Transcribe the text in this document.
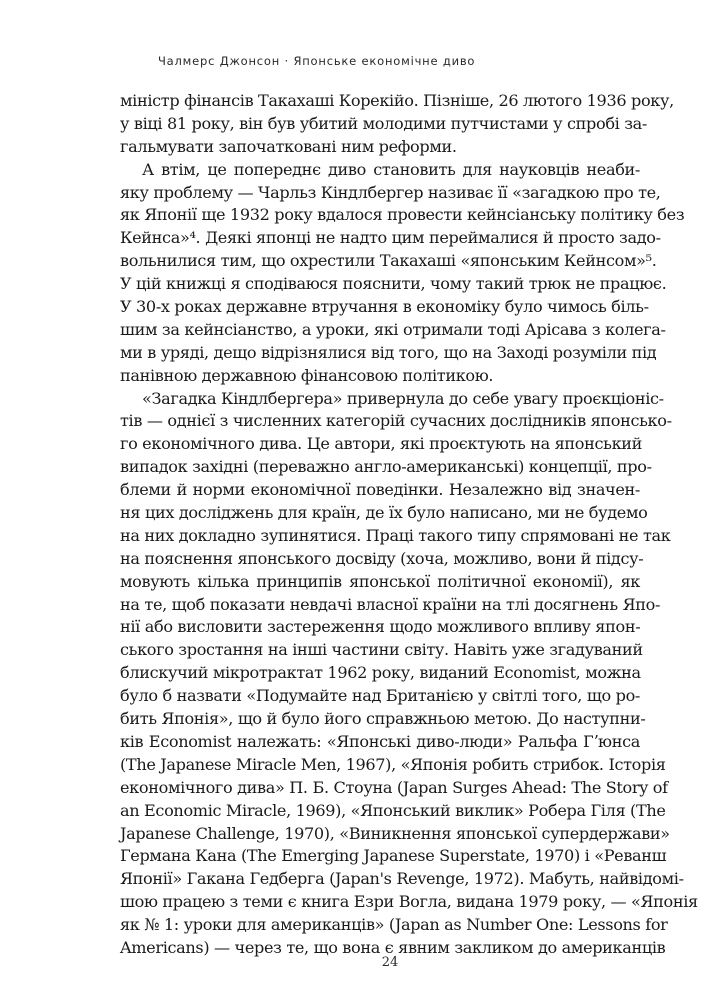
Чалмерс Джонсон · Японське економічне диво
міністр фінансів Такахаші Корекійо. Пізніше, 26 лютого 1936 року,
у віці 81 року, він був убитий молодими путчистами у спробі за-
гальмувати започатковані ним реформи.
А втім, це попереднє диво становить для науковців неаби-
яку проблему — Чарльз Кіндлбергер називає її «загадкою про те,
як Японії ще 1932 року вдалося провести кейнсіанську політику без
Кейнса»⁴. Деякі японці не надто цим переймалися й просто задо-
вольнилися тим, що охрестили Такахаші «японським Кейнсом»⁵.
У цій книжці я сподіваюся пояснити, чому такий трюк не працює.
У 30-х роках державне втручання в економіку було чимось біль-
шим за кейнсіанство, а уроки, які отримали тоді Арісава з колега-
ми в уряді, дещо відрізнялися від того, що на Заході розуміли під
панівною державною фінансовою політикою.
«Загадка Кіндлбергера» привернула до себе увагу проєкціоніс-
тів — однієї з численних категорій сучасних дослідників японсько-
го економічного дива. Це автори, які проєктують на японський
випадок західні (переважно англо-американські) концепції, про-
блеми й норми економічної поведінки. Незалежно від значен-
ня цих досліджень для країн, де їх було написано, ми не будемо
на них докладно зупинятися. Праці такого типу спрямовані не так
на пояснення японського досвіду (хоча, можливо, вони й підсу-
мовують кілька принципів японської політичної економії), як
на те, щоб показати невдачі власної країни на тлі досягнень Япо-
нії або висловити застереження щодо можливого впливу япон-
ського зростання на інші частини світу. Навіть уже згадуваний
блискучий мікротрактат 1962 року, виданий Economist, можна
було б назвати «Подумайте над Британією у світлі того, що ро-
бить Японія», що й було його справжньою метою. До наступни-
ків Economist належать: «Японські диво-люди» Ральфа Гʼюнса
(The Japanese Miracle Men, 1967), «Японія робить стрибок. Історія
економічного дива» П. Б. Стоуна (Japan Surges Ahead: The Story of
an Economic Miracle, 1969), «Японський виклик» Робера Гіля (The
Japanese Challenge, 1970), «Виникнення японської супердержави»
Германа Кана (The Emerging Japanese Superstate, 1970) і «Реванш
Японії» Гакана Гедберга (Japan's Revenge, 1972). Мабуть, найвідомі-
шою працею з теми є книга Езри Вогла, видана 1979 року, — «Японія
як № 1: уроки для американців» (Japan as Number One: Lessons for
Americans) — через те, що вона є явним закликом до американців
24
